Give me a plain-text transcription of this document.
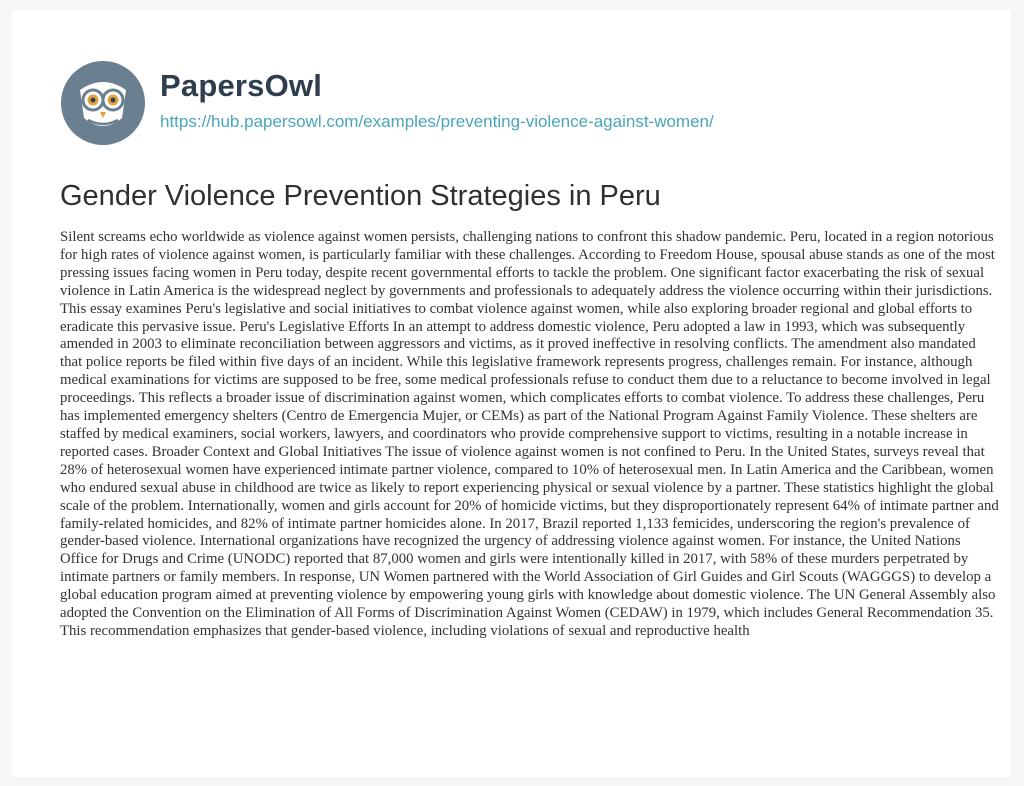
PapersOwl
https://hub.papersowl.com/examples/preventing-violence-against-women/
Gender Violence Prevention Strategies in Peru

Silent screams echo worldwide as violence against women persists, challenging nations to confront this shadow pandemic. Peru, located in a region notorious for high rates of violence against women, is particularly familiar with these challenges. According to Freedom House, spousal abuse stands as one of the most pressing issues facing women in Peru today, despite recent governmental efforts to tackle the problem. One significant factor exacerbating the risk of sexual violence in Latin America is the widespread neglect by governments and professionals to adequately address the violence occurring within their jurisdictions. This essay examines Peru's legislative and social initiatives to combat violence against women, while also exploring broader regional and global efforts to eradicate this pervasive issue. Peru's Legislative Efforts In an attempt to address domestic violence, Peru adopted a law in 1993, which was subsequently amended in 2003 to eliminate reconciliation between aggressors and victims, as it proved ineffective in resolving conflicts. The amendment also mandated that police reports be filed within five days of an incident. While this legislative framework represents progress, challenges remain. For instance, although medical examinations for victims are supposed to be free, some medical professionals refuse to conduct them due to a reluctance to become involved in legal proceedings. This reflects a broader issue of discrimination against women, which complicates efforts to combat violence. To address these challenges, Peru has implemented emergency shelters (Centro de Emergencia Mujer, or CEMs) as part of the National Program Against Family Violence. These shelters are staffed by medical examiners, social workers, lawyers, and coordinators who provide comprehensive support to victims, resulting in a notable increase in reported cases. Broader Context and Global Initiatives The issue of violence against women is not confined to Peru. In the United States, surveys reveal that 28% of heterosexual women have experienced intimate partner violence, compared to 10% of heterosexual men. In Latin America and the Caribbean, women who endured sexual abuse in childhood are twice as likely to report experiencing physical or sexual violence by a partner. These statistics highlight the global scale of the problem. Internationally, women and girls account for 20% of homicide victims, but they disproportionately represent 64% of intimate partner and family-related homicides, and 82% of intimate partner homicides alone. In 2017, Brazil reported 1,133 femicides, underscoring the region's prevalence of gender-based violence. International organizations have recognized the urgency of addressing violence against women. For instance, the United Nations Office for Drugs and Crime (UNODC) reported that 87,000 women and girls were intentionally killed in 2017, with 58% of these murders perpetrated by intimate partners or family members. In response, UN Women partnered with the World Association of Girl Guides and Girl Scouts (WAGGGS) to develop a global education program aimed at preventing violence by empowering young girls with knowledge about domestic violence. The UN General Assembly also adopted the Convention on the Elimination of All Forms of Discrimination Against Women (CEDAW) in 1979, which includes General Recommendation 35. This recommendation emphasizes that gender-based violence, including violations of sexual and reproductive health
